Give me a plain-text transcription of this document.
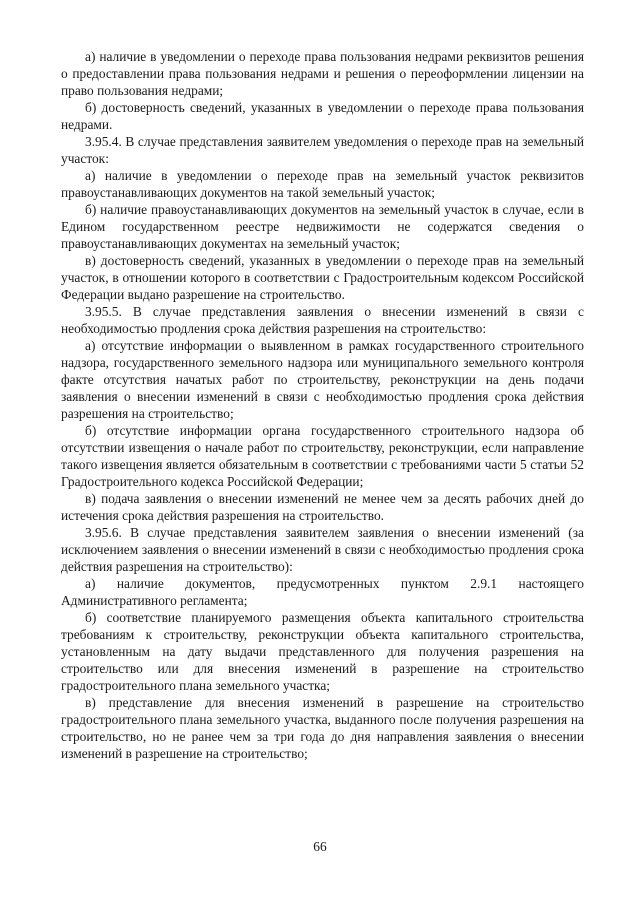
а) наличие в уведомлении о переходе права пользования недрами реквизитов решения о предоставлении права пользования недрами и решения о переоформлении лицензии на право пользования недрами;

б) достоверность сведений, указанных в уведомлении о переходе права пользования недрами.

3.95.4. В случае представления заявителем уведомления о переходе прав на земельный участок:

а) наличие в уведомлении о переходе прав на земельный участок реквизитов правоустанавливающих документов на такой земельный участок;

б) наличие правоустанавливающих документов на земельный участок в случае, если в Едином государственном реестре недвижимости не содержатся сведения о правоустанавливающих документах на земельный участок;

в) достоверность сведений, указанных в уведомлении о переходе прав на земельный участок, в отношении которого в соответствии с Градостроительным кодексом Российской Федерации выдано разрешение на строительство.

3.95.5. В случае представления заявления о внесении изменений в связи с необходимостью продления срока действия разрешения на строительство:

а) отсутствие информации о выявленном в рамках государственного строительного надзора, государственного земельного надзора или муниципального земельного контроля факте отсутствия начатых работ по строительству, реконструкции на день подачи заявления о внесении изменений в связи с необходимостью продления срока действия разрешения на строительство;

б) отсутствие информации органа государственного строительного надзора об отсутствии извещения о начале работ по строительству, реконструкции, если направление такого извещения является обязательным в соответствии с требованиями части 5 статьи 52 Градостроительного кодекса Российской Федерации;

в) подача заявления о внесении изменений не менее чем за десять рабочих дней до истечения срока действия разрешения на строительство.

3.95.6. В случае представления заявителем заявления о внесении изменений (за исключением заявления о внесении изменений в связи с необходимостью продления срока действия разрешения на строительство):

а) наличие документов, предусмотренных пунктом 2.9.1 настоящего Административного регламента;

б) соответствие планируемого размещения объекта капитального строительства требованиям к строительству, реконструкции объекта капитального строительства, установленным на дату выдачи представленного для получения разрешения на строительство или для внесения изменений в разрешение на строительство градостроительного плана земельного участка;

в) представление для внесения изменений в разрешение на строительство градостроительного плана земельного участка, выданного после получения разрешения на строительство, но не ранее чем за три года до дня направления заявления о внесении изменений в разрешение на строительство;

66
